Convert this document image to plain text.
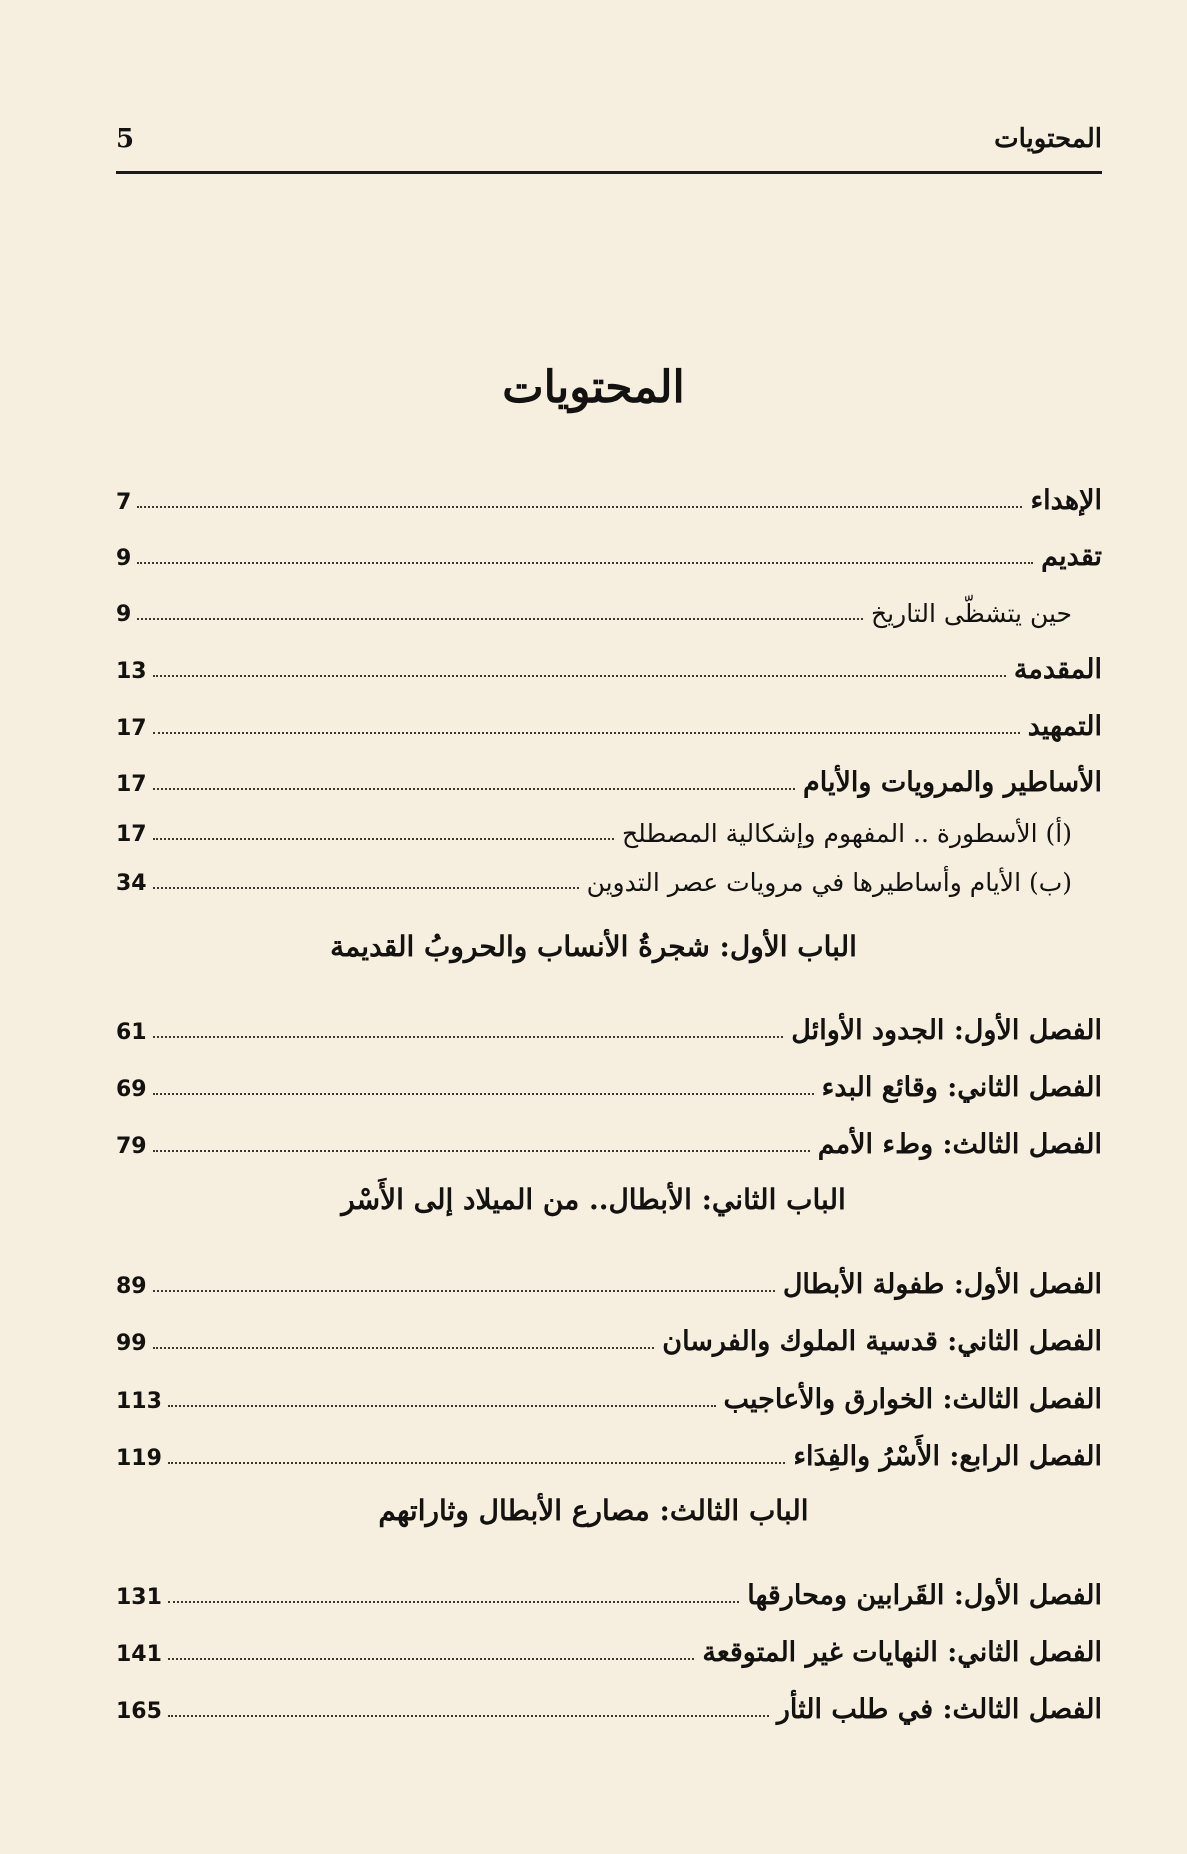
المحتويات
5
المحتويات
الإهداء
7
تقديم
9
حين يتشظّى التاريخ
9
المقدمة
13
التمهيد
17
الأساطير والمرويات والأيام
17
(أ) الأسطورة .. المفهوم وإشكالية المصطلح
17
(ب) الأيام وأساطيرها في مرويات عصر التدوين
34
الباب الأول: شجرةُ الأنساب والحروبُ القديمة
الفصل الأول: الجدود الأوائل
61
الفصل الثاني: وقائع البدء
69
الفصل الثالث: وطء الأمم
79
الباب الثاني: الأبطال.. من الميلاد إلى الأَسْر
الفصل الأول: طفولة الأبطال
89
الفصل الثاني: قدسية الملوك والفرسان
99
الفصل الثالث: الخوارق والأعاجيب
113
الفصل الرابع: الأَسْرُ والفِدَاء
119
الباب الثالث: مصارع الأبطال وثاراتهم
الفصل الأول: القَرابين ومحارقها
131
الفصل الثاني: النهايات غير المتوقعة
141
الفصل الثالث: في طلب الثأر
165
